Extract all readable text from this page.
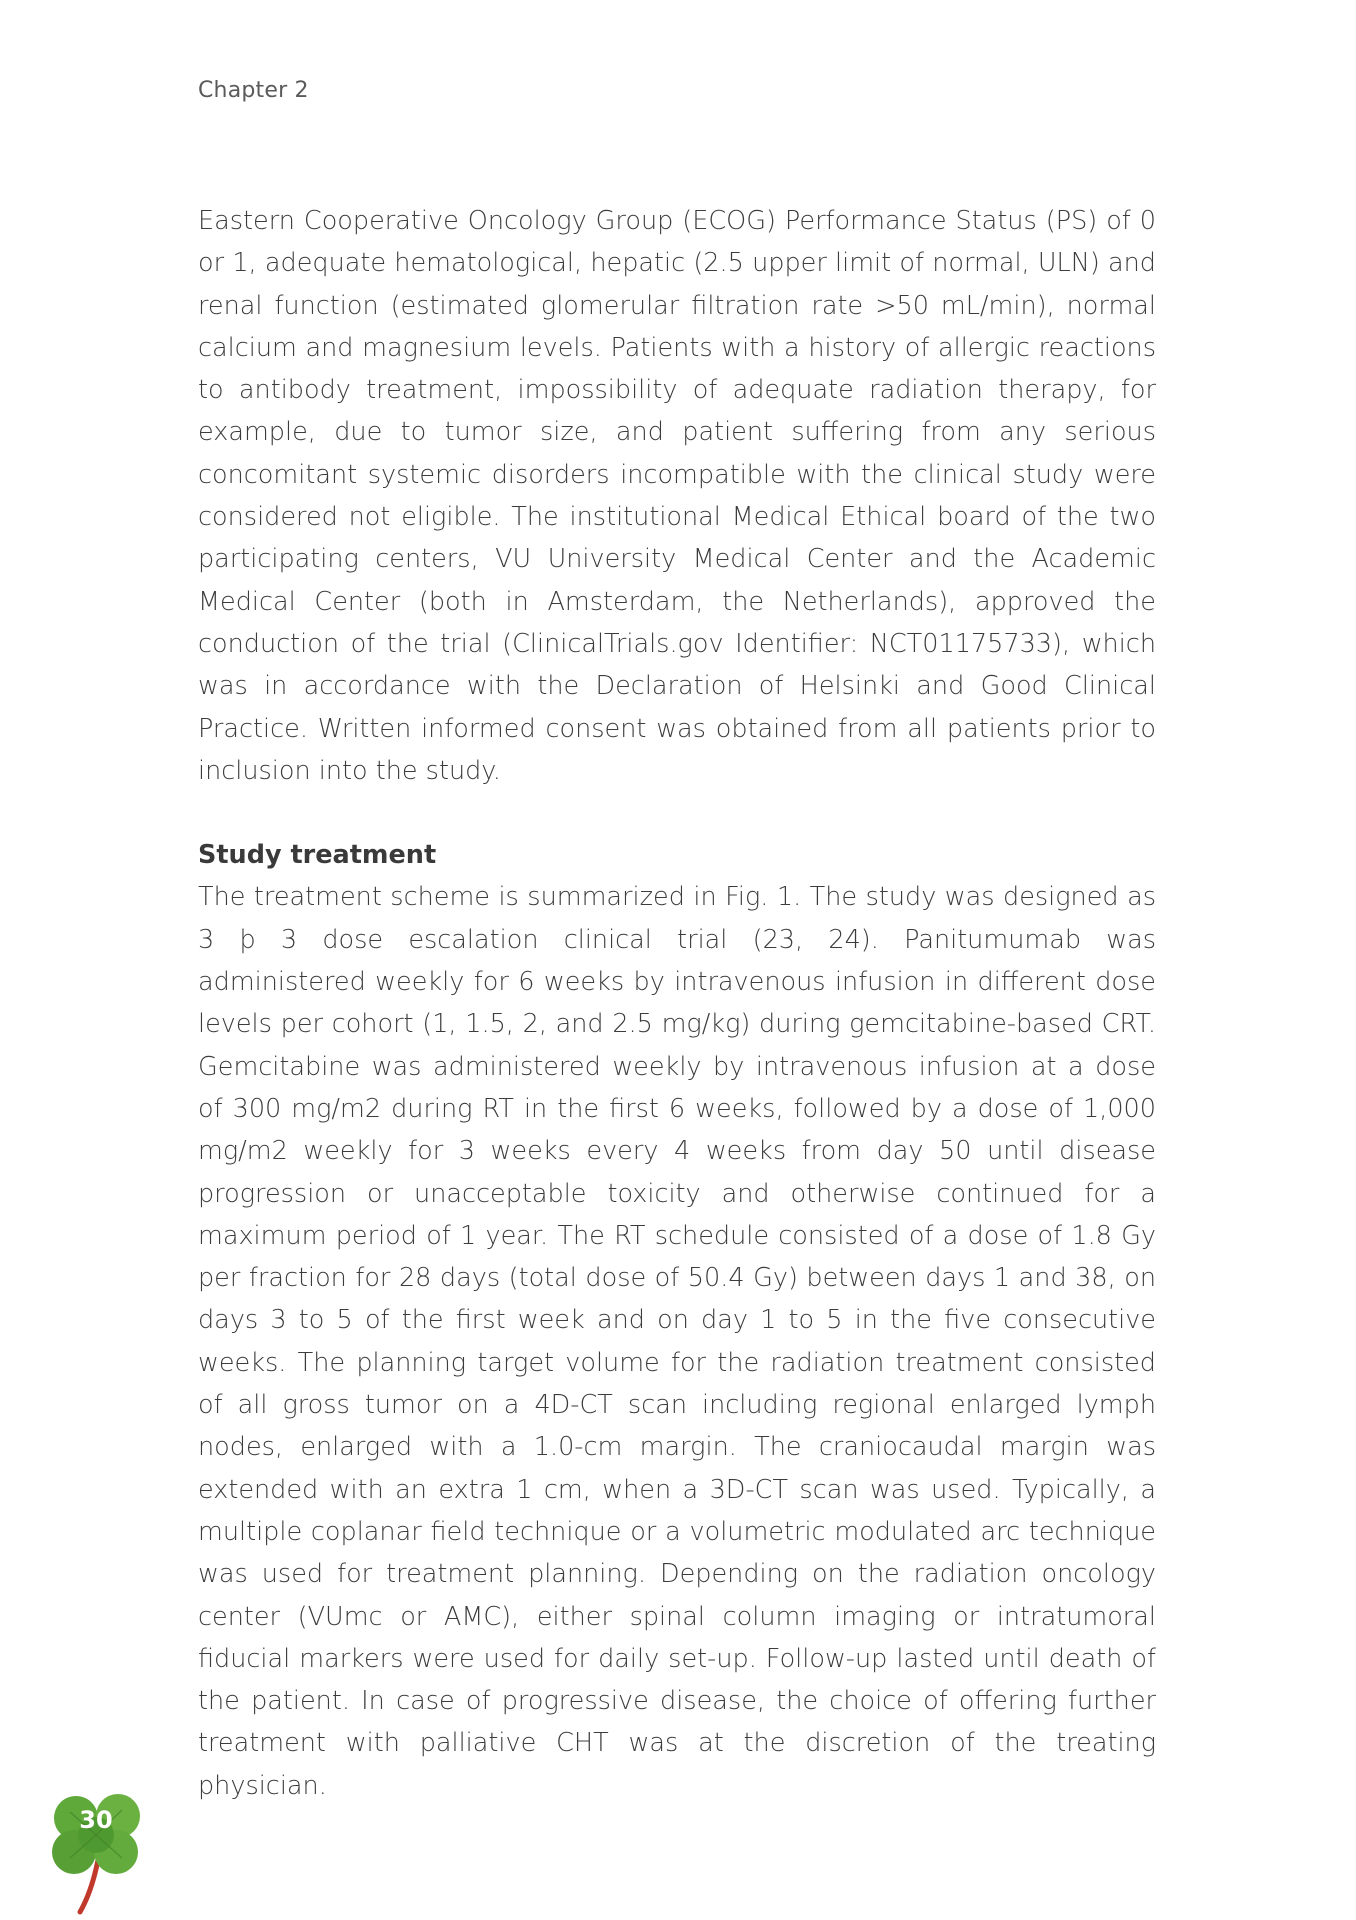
Chapter 2

Eastern Cooperative Oncology Group (ECOG) Performance Status (PS) of 0 or 1, adequate hematological, hepatic (2.5 upper limit of normal, ULN) and renal function (estimated glomerular filtration rate >50 mL/min), normal calcium and magnesium levels. Patients with a history of allergic reactions to antibody treatment, impossibility of adequate radiation therapy, for example, due to tumor size, and patient suffering from any serious concomitant systemic disorders incompatible with the clinical study were considered not eligible. The institutional Medical Ethical board of the two participating centers, VU University Medical Center and the Academic Medical Center (both in Amsterdam, the Netherlands), approved the conduction of the trial (ClinicalTrials.gov Identifier: NCT01175733), which was in accordance with the Declaration of Helsinki and Good Clinical Practice. Written informed consent was obtained from all patients prior to inclusion into the study.

Study treatment

The treatment scheme is summarized in Fig. 1. The study was designed as 3 þ 3 dose escalation clinical trial (23, 24). Panitumumab was administered weekly for 6 weeks by intravenous infusion in different dose levels per cohort (1, 1.5, 2, and 2.5 mg/kg) during gemcitabine-based CRT. Gemcitabine was administered weekly by intravenous infusion at a dose of 300 mg/m2 during RT in the first 6 weeks, followed by a dose of 1,000 mg/m2 weekly for 3 weeks every 4 weeks from day 50 until disease progression or unacceptable toxicity and otherwise continued for a maximum period of 1 year. The RT schedule consisted of a dose of 1.8 Gy per fraction for 28 days (total dose of 50.4 Gy) between days 1 and 38, on days 3 to 5 of the first week and on day 1 to 5 in the five consecutive weeks. The planning target volume for the radiation treatment consisted of all gross tumor on a 4D-CT scan including regional enlarged lymph nodes, enlarged with a 1.0-cm margin. The craniocaudal margin was extended with an extra 1 cm, when a 3D-CT scan was used. Typically, a multiple coplanar field technique or a volumetric modulated arc technique was used for treatment planning. Depending on the radiation oncology center (VUmc or AMC), either spinal column imaging or intratumoral fiducial markers were used for daily set-up. Follow-up lasted until death of the patient. In case of progressive disease, the choice of offering further treatment with palliative CHT was at the discretion of the treating physician.

30
